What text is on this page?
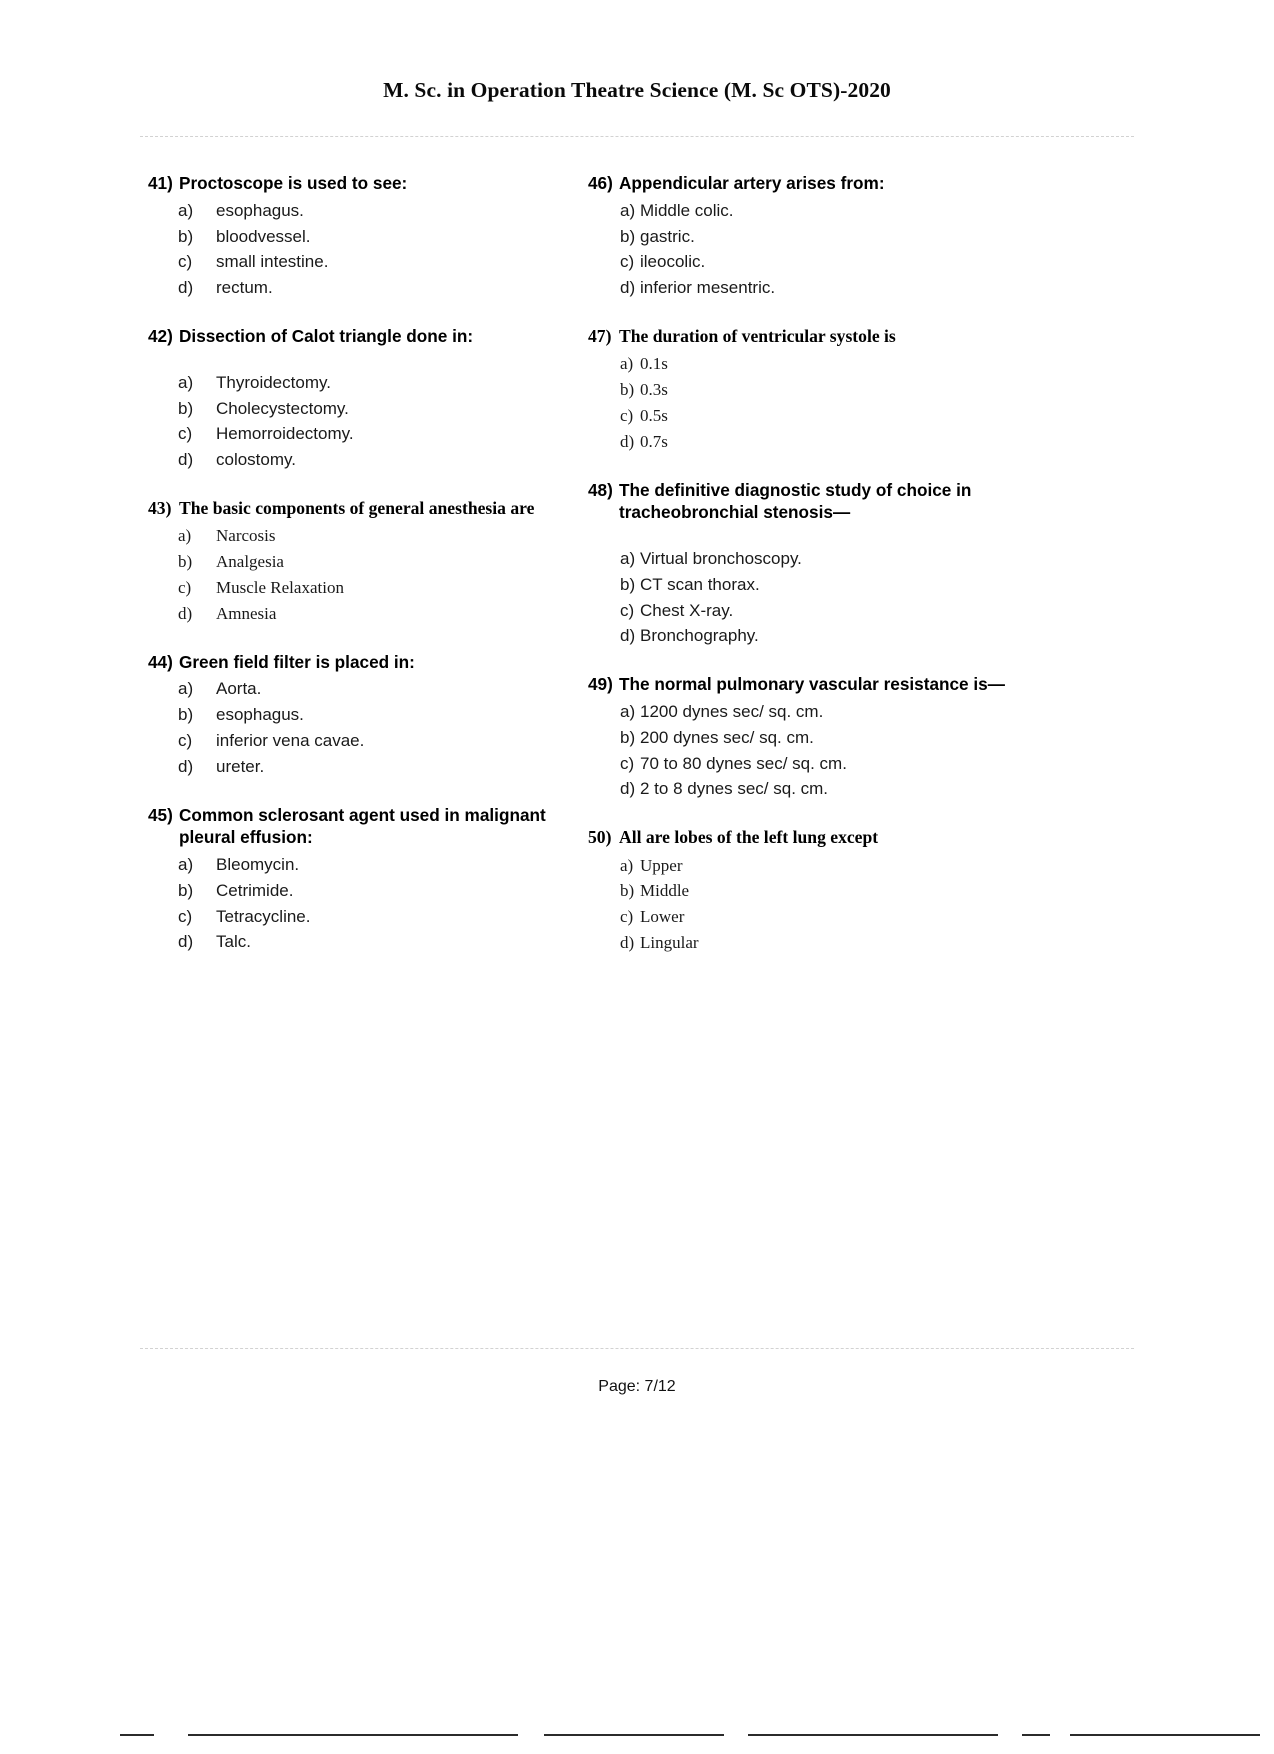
M. Sc. in Operation Theatre Science (M. Sc OTS)-2020
41) Proctoscope is used to see:
a)	esophagus.
b)	bloodvessel.
c)	small intestine.
d)	rectum.
42) Dissection of Calot triangle done in:
a)	Thyroidectomy.
b)	Cholecystectomy.
c)	Hemorroidectomy.
d)	colostomy.
43) The basic components of general anesthesia are
a)	Narcosis
b)	Analgesia
c)	Muscle Relaxation
d)	Amnesia
44) Green field filter is placed in:
a)	Aorta.
b)	esophagus.
c)	inferior vena cavae.
d)	ureter.
45) Common sclerosant agent used in malignant pleural effusion:
a)	Bleomycin.
b)	Cetrimide.
c)	Tetracycline.
d)	Talc.
46) Appendicular artery arises from:
a) Middle colic.
b) gastric.
c) ileocolic.
d) inferior mesentric.
47) The duration of ventricular systole is
a) 0.1s
b) 0.3s
c) 0.5s
d) 0.7s
48) The definitive diagnostic study of choice in tracheobronchial stenosis—
a) Virtual bronchoscopy.
b) CT scan thorax.
c) Chest X-ray.
d) Bronchography.
49) The normal pulmonary vascular resistance is—
a) 1200 dynes sec/ sq. cm.
b) 200 dynes sec/ sq. cm.
c) 70 to 80 dynes sec/ sq. cm.
d) 2 to 8 dynes sec/ sq. cm.
50) All are lobes of the left lung except
a) Upper
b) Middle
c) Lower
d) Lingular
Page: 7/12
